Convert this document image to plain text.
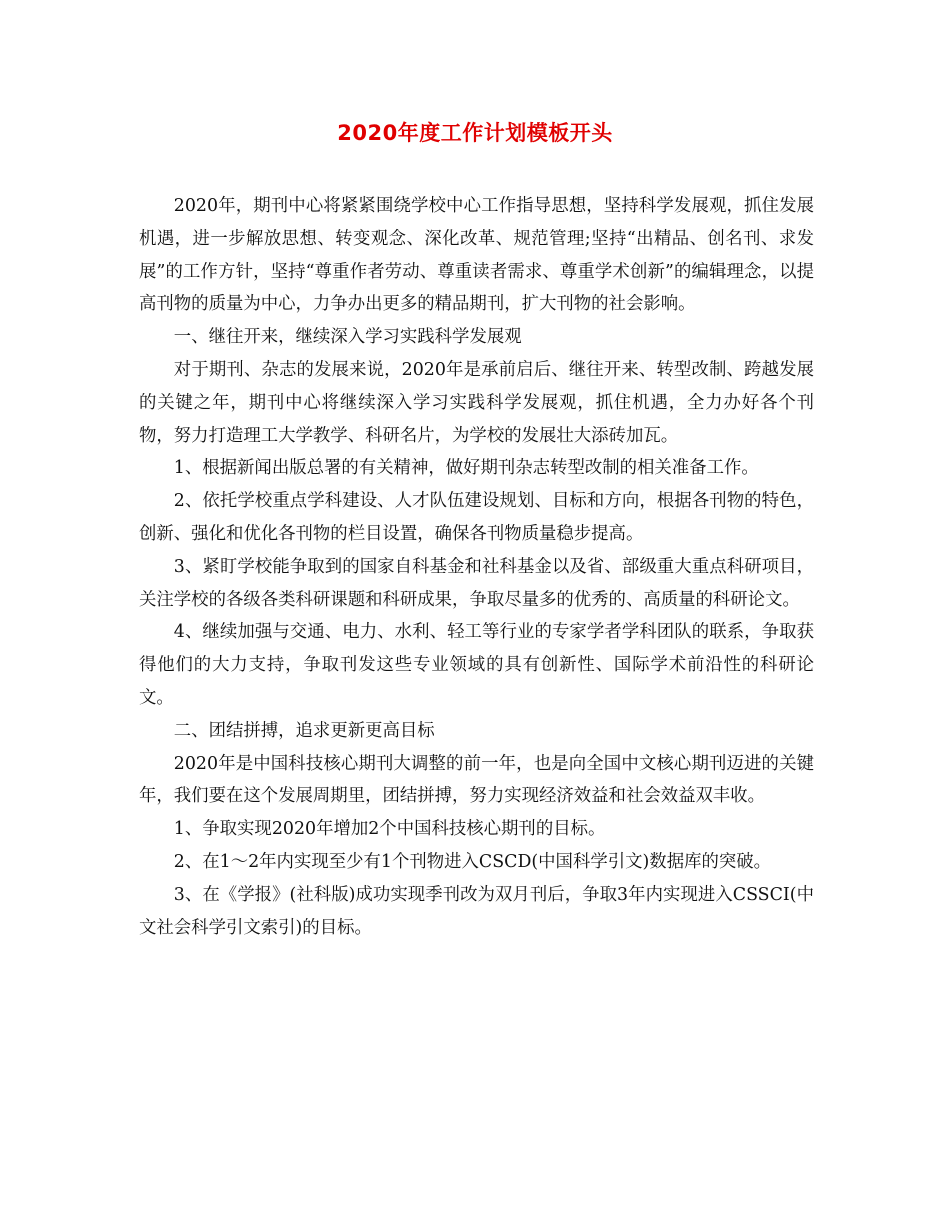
2020年度工作计划模板开头

2020年，期刊中心将紧紧围绕学校中心工作指导思想，坚持科学发展观，抓住发展机遇，进一步解放思想、转变观念、深化改革、规范管理;坚持“出精品、创名刊、求发展”的工作方针，坚持“尊重作者劳动、尊重读者需求、尊重学术创新”的编辑理念，以提高刊物的质量为中心，力争办出更多的精品期刊，扩大刊物的社会影响。

一、继往开来，继续深入学习实践科学发展观

对于期刊、杂志的发展来说，2020年是承前启后、继往开来、转型改制、跨越发展的关键之年，期刊中心将继续深入学习实践科学发展观，抓住机遇，全力办好各个刊物，努力打造理工大学教学、科研名片，为学校的发展壮大添砖加瓦。

1、根据新闻出版总署的有关精神，做好期刊杂志转型改制的相关准备工作。

2、依托学校重点学科建设、人才队伍建设规划、目标和方向，根据各刊物的特色，创新、强化和优化各刊物的栏目设置，确保各刊物质量稳步提高。

3、紧盯学校能争取到的国家自科基金和社科基金以及省、部级重大重点科研项目，关注学校的各级各类科研课题和科研成果，争取尽量多的优秀的、高质量的科研论文。

4、继续加强与交通、电力、水利、轻工等行业的专家学者学科团队的联系，争取获得他们的大力支持，争取刊发这些专业领域的具有创新性、国际学术前沿性的科研论文。

二、团结拼搏，追求更新更高目标

2020年是中国科技核心期刊大调整的前一年，也是向全国中文核心期刊迈进的关键年，我们要在这个发展周期里，团结拼搏，努力实现经济效益和社会效益双丰收。

1、争取实现2020年增加2个中国科技核心期刊的目标。

2、在1～2年内实现至少有1个刊物进入CSCD(中国科学引文)数据库的突破。

3、在《学报》(社科版)成功实现季刊改为双月刊后，争取3年内实现进入CSSCI(中文社会科学引文索引)的目标。
